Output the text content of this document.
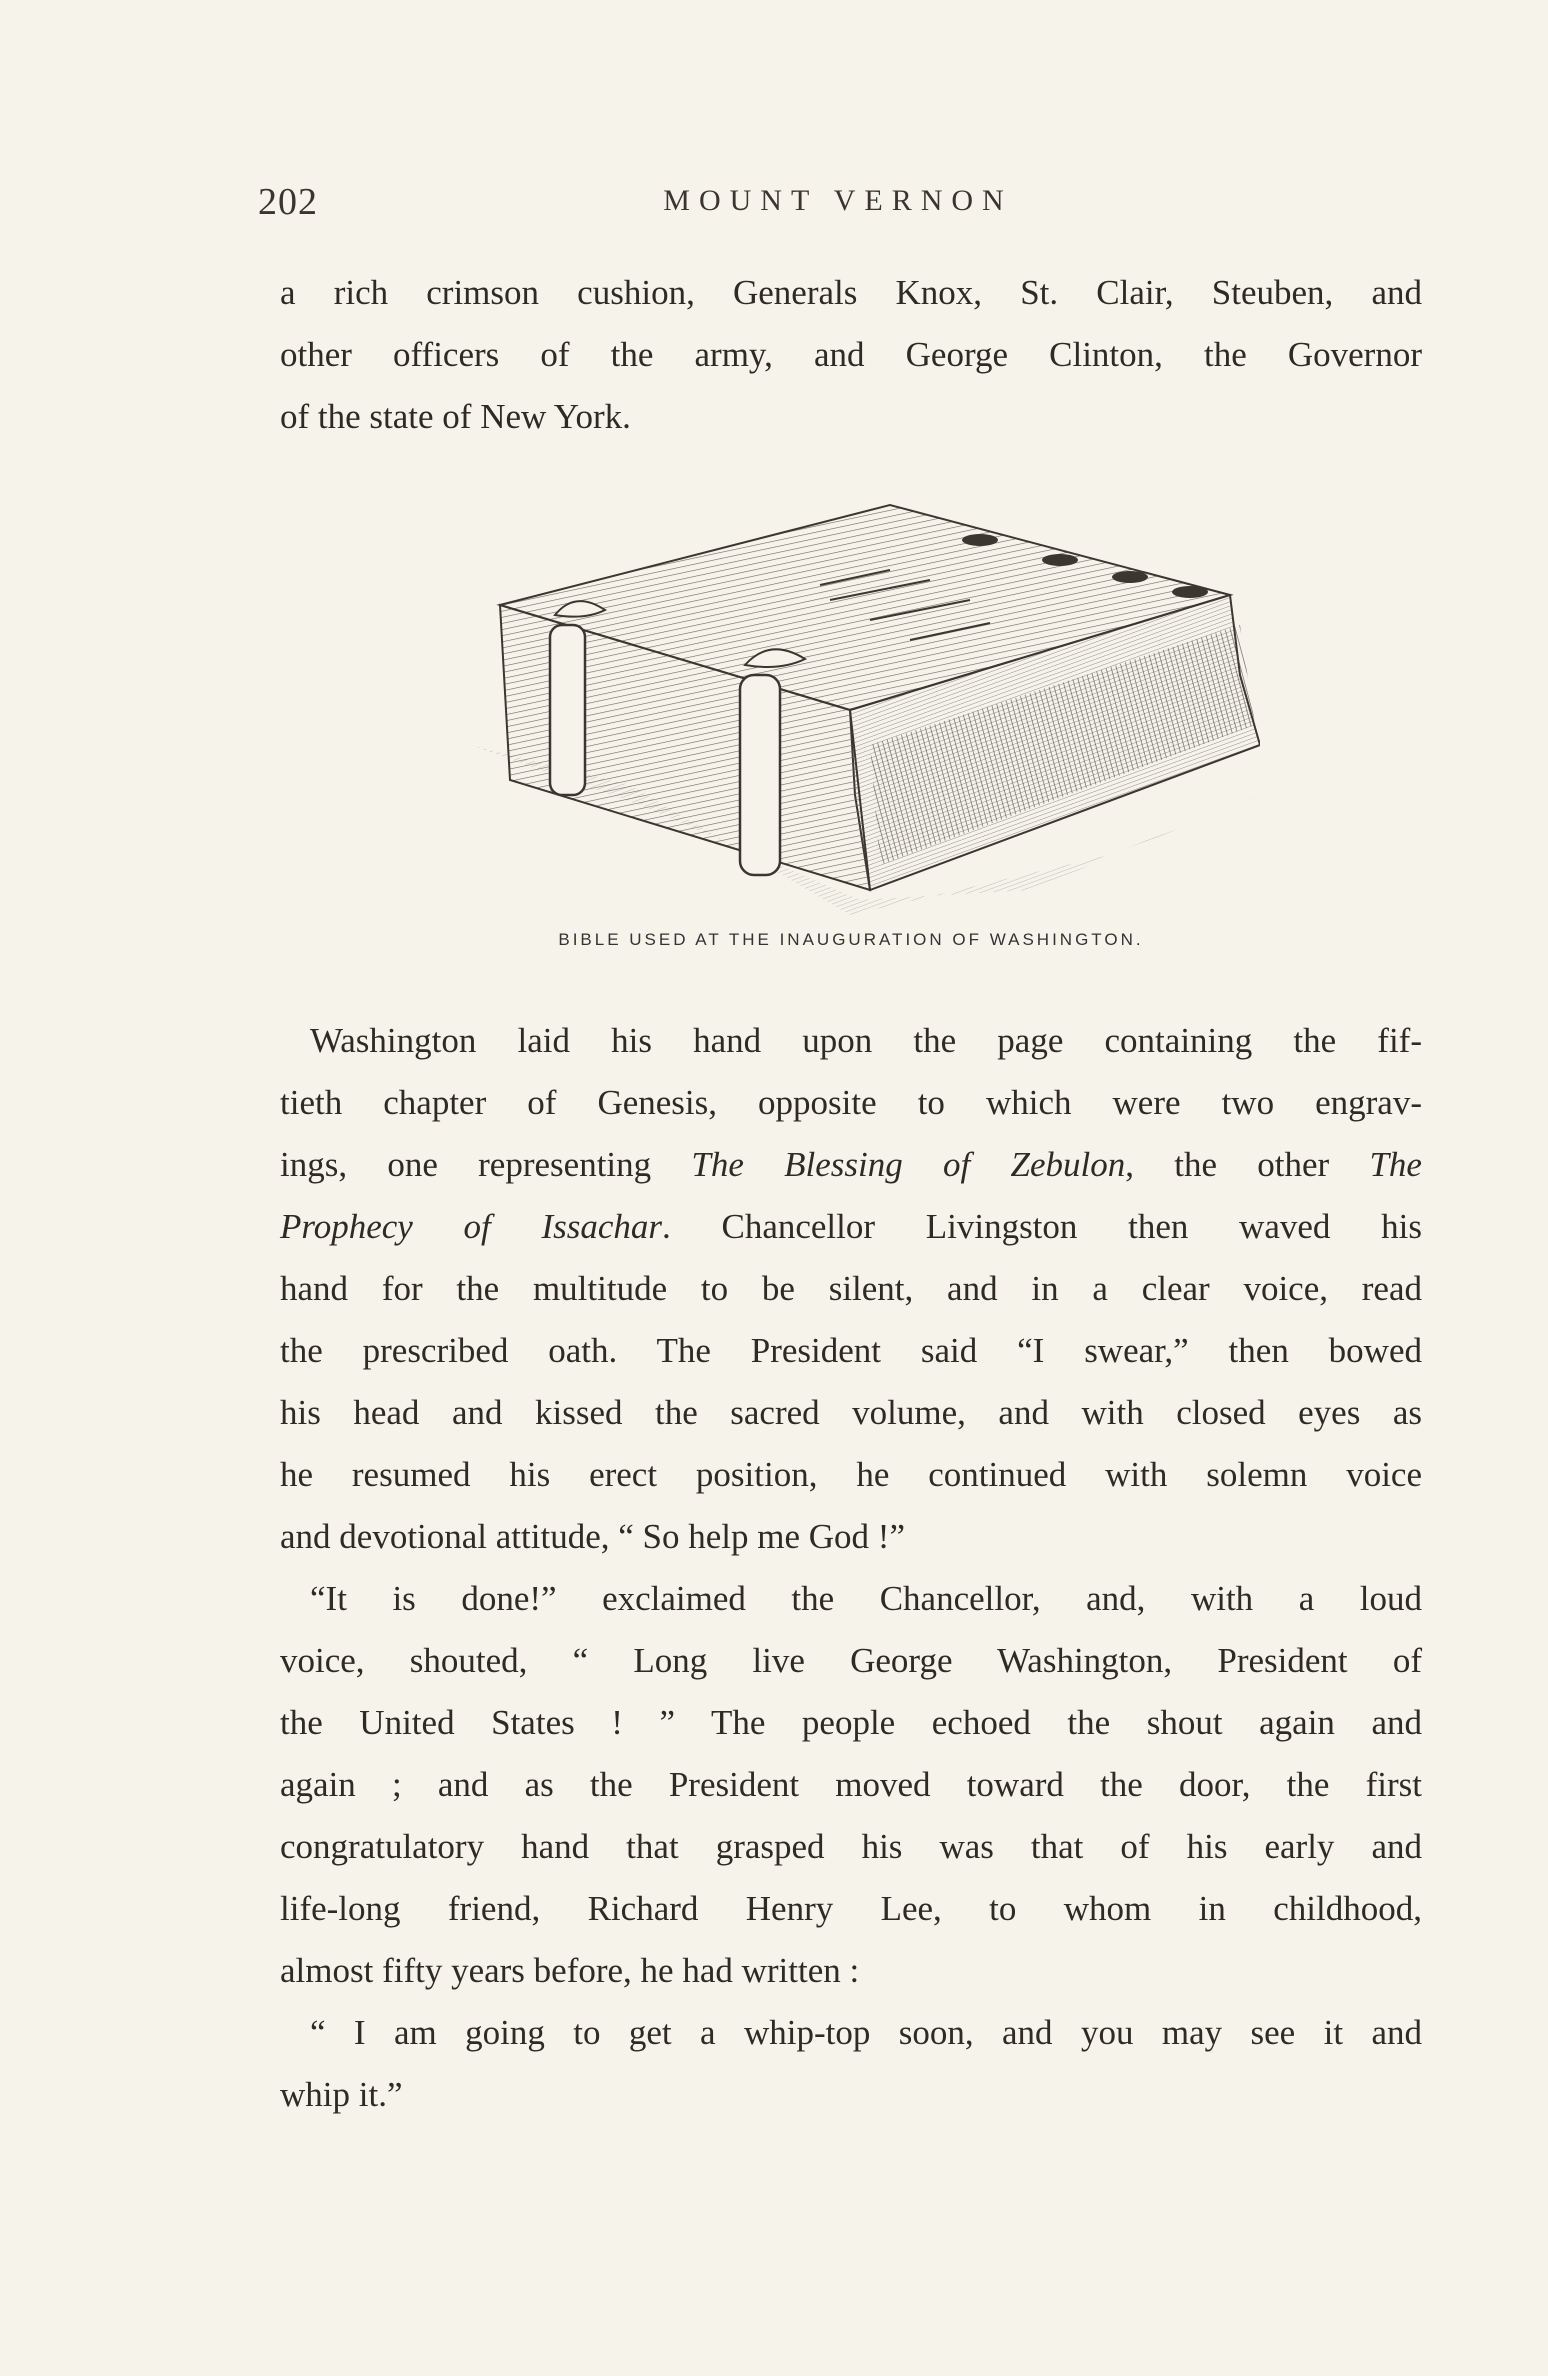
202	MOUNT VERNON
a rich crimson cushion, Generals Knox, St. Clair, Steuben, and
other officers of the army, and George Clinton, the Governor
of the state of New York.
BIBLE USED AT THE INAUGURATION OF WASHINGTON.
Washington laid his hand upon the page containing the fif-
tieth chapter of Genesis, opposite to which were two engrav-
ings, one representing The Blessing of Zebulon, the other The
Prophecy of Issachar. Chancellor Livingston then waved his
hand for the multitude to be silent, and in a clear voice, read
the prescribed oath. The President said “I swear,” then bowed
his head and kissed the sacred volume, and with closed eyes as
he resumed his erect position, he continued with solemn voice
and devotional attitude, “ So help me God !”
“It is done!” exclaimed the Chancellor, and, with a loud
voice, shouted, “ Long live George Washington, President of
the United States ! ” The people echoed the shout again and
again ; and as the President moved toward the door, the first
congratulatory hand that grasped his was that of his early and
life-long friend, Richard Henry Lee, to whom in childhood,
almost fifty years before, he had written :
“ I am going to get a whip-top soon, and you may see it and
whip it.”
